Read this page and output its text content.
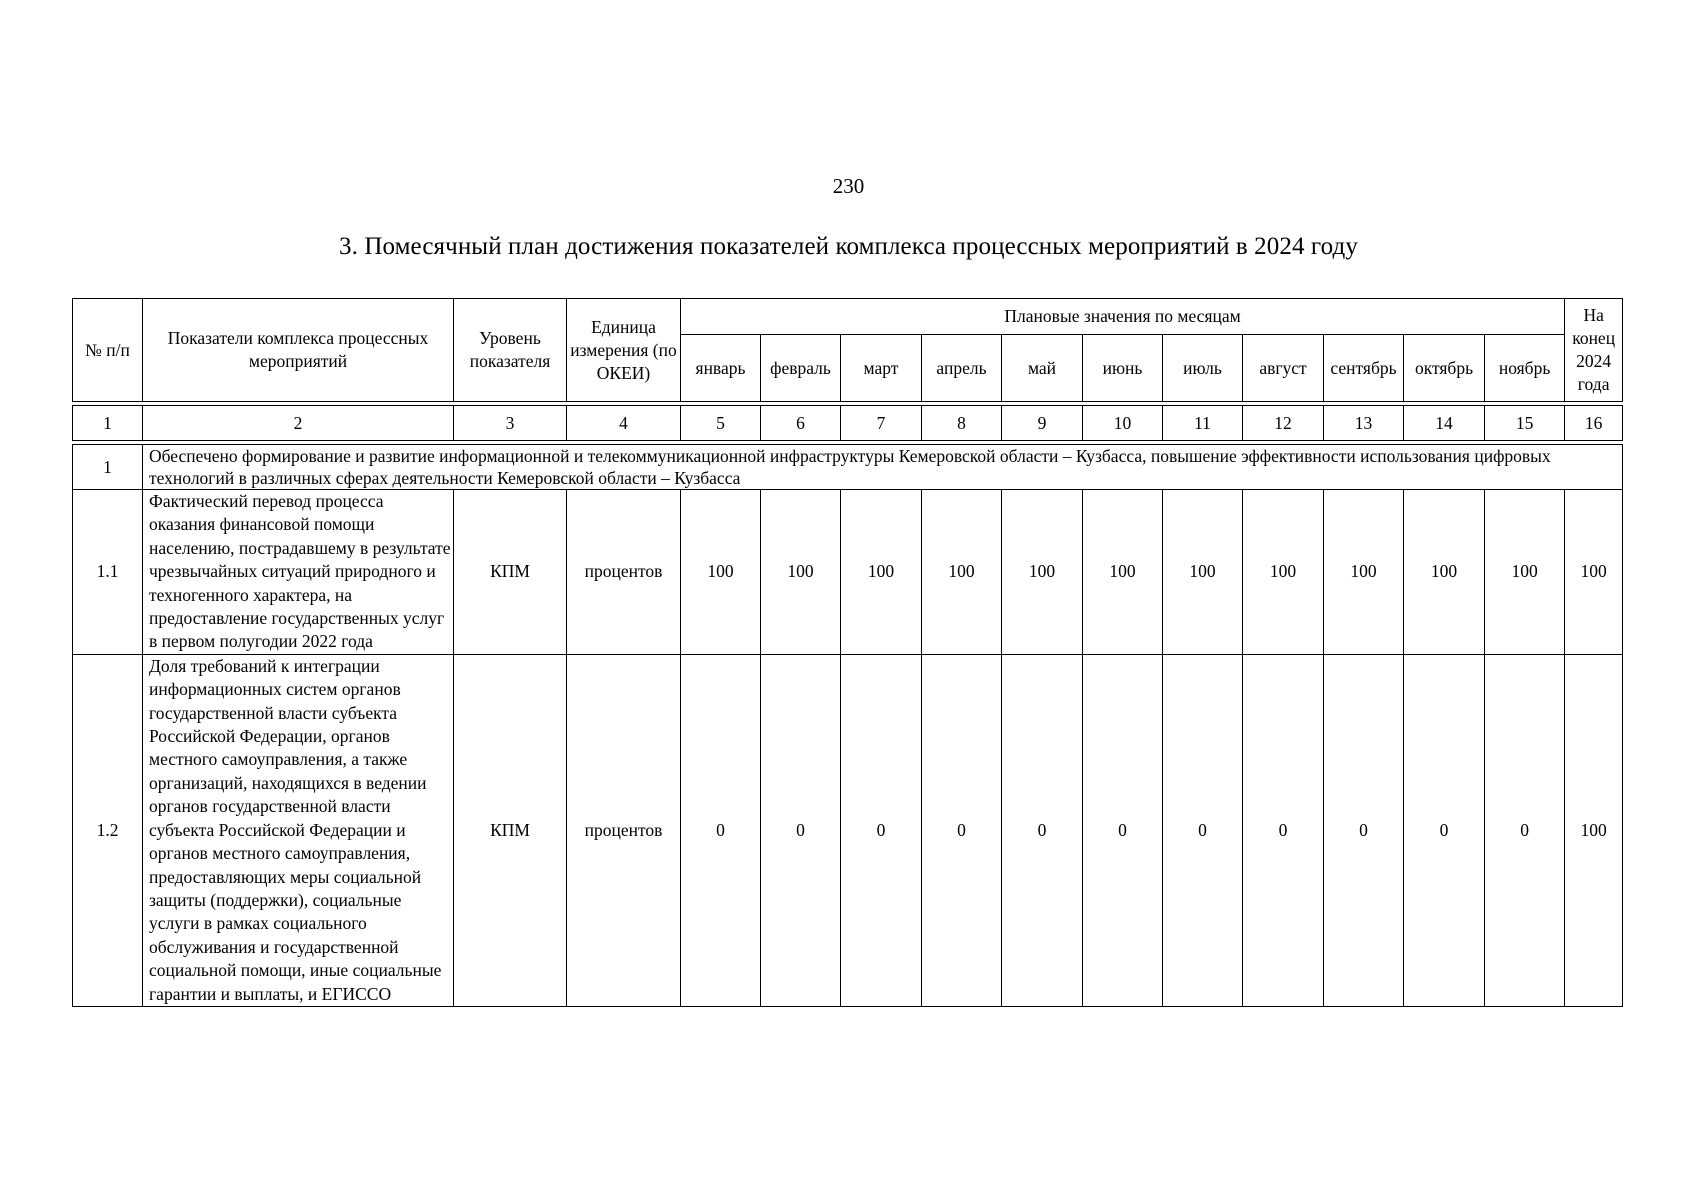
230
3. Помесячный план достижения показателей комплекса процессных мероприятий в 2024 году
№ п/п	Показатели комплекса процессных мероприятий	Уровень показателя	Единица измерения (по ОКЕИ)	Плановые значения по месяцам											На конец 2024 года
				январь	февраль	март	апрель	май	июнь	июль	август	сентябрь	октябрь	ноябрь	

1	2	3	4	5	6	7	8	9	10	11	12	13	14	15	16

1	Обеспечено формирование и развитие информационной и телекоммуникационной инфраструктуры Кемеровской области – Кузбасса, повышение эффективности использования цифровых технологий в различных сферах деятельности Кемеровской области – Кузбасса														
1.1	Фактический перевод процесса оказания финансовой помощи населению, пострадавшему в результате чрезвычайных ситуаций природного и техногенного характера, на предоставление государственных услуг в первом полугодии 2022 года	КПМ	процентов	100	100	100	100	100	100	100	100	100	100	100	100
1.2	Доля требований к интеграции информационных систем органов государственной власти субъекта Российской Федерации, органов местного самоуправления, а также организаций, находящихся в ведении органов государственной власти субъекта Российской Федерации и органов местного самоуправления, предоставляющих меры социальной защиты (поддержки), социальные услуги в рамках социального обслуживания и государственной социальной помощи, иные социальные гарантии и выплаты, и ЕГИССО	КПМ	процентов	0	0	0	0	0	0	0	0	0	0	0	100
